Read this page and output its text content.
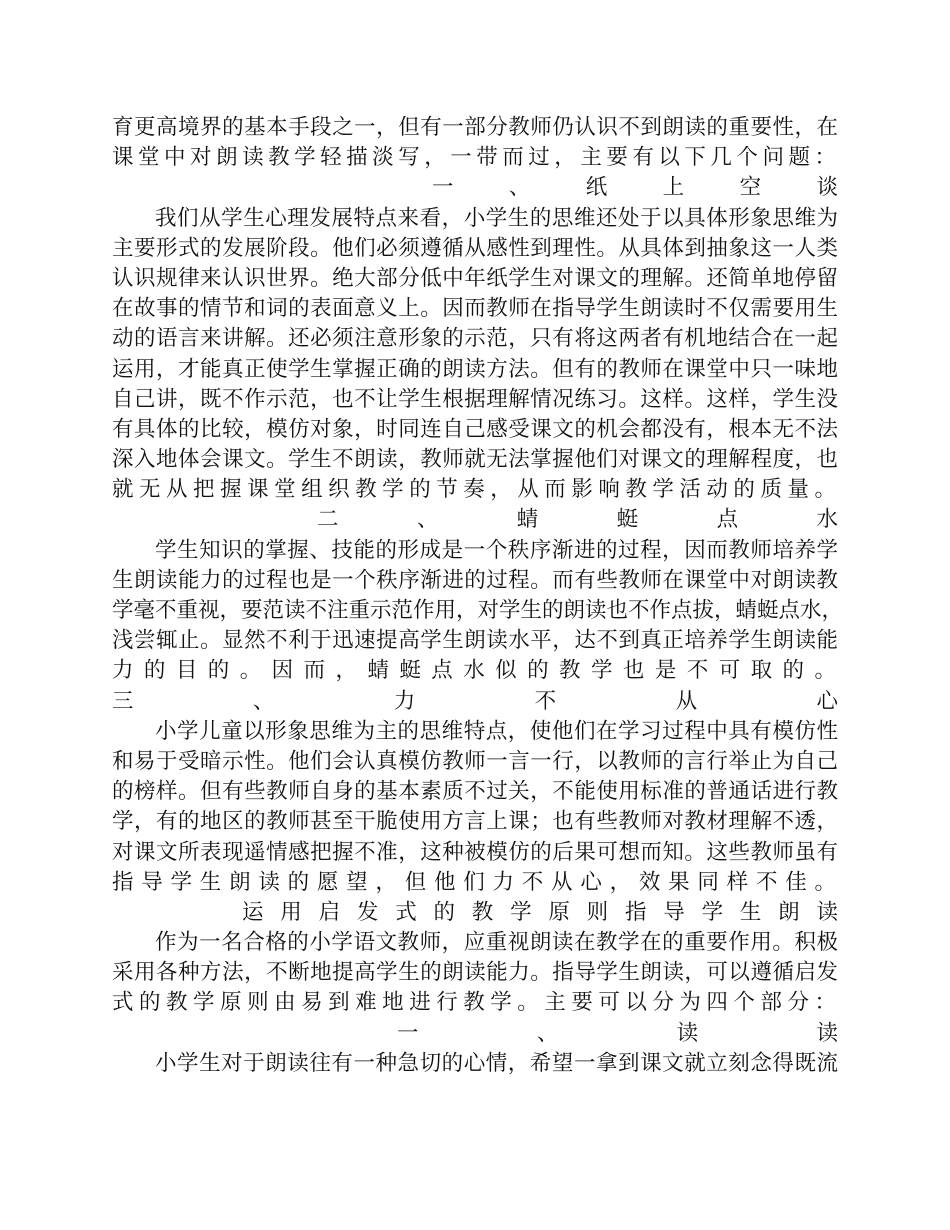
育更高境界的基本手段之一，但有一部分教师仍认识不到朗读的重要性，在
课堂中对朗读教学轻描淡写，一带而过，主要有以下几个问题：
一	、	纸	上	空	谈
我们从学生心理发展特点来看，小学生的思维还处于以具体形象思维为
主要形式的发展阶段。他们必须遵循从感性到理性。从具体到抽象这一人类
认识规律来认识世界。绝大部分低中年纸学生对课文的理解。还简单地停留
在故事的情节和词的表面意义上。因而教师在指导学生朗读时不仅需要用生
动的语言来讲解。还必须注意形象的示范，只有将这两者有机地结合在一起
运用，才能真正使学生掌握正确的朗读方法。但有的教师在课堂中只一味地
自己讲，既不作示范，也不让学生根据理解情况练习。这样。这样，学生没
有具体的比较，模仿对象，时同连自己感受课文的机会都没有，根本无不法
深入地体会课文。学生不朗读，教师就无法掌握他们对课文的理解程度，也
就无从把握课堂组织教学的节奏，从而影响教学活动的质量。
二	、	蜻	蜓	点	水
学生知识的掌握、技能的形成是一个秩序渐进的过程，因而教师培养学
生朗读能力的过程也是一个秩序渐进的过程。而有些教师在课堂中对朗读教
学毫不重视，要范读不注重示范作用，对学生的朗读也不作点拔，蜻蜓点水，
浅尝辄止。显然不利于迅速提高学生朗读水平，达不到真正培养学生朗读能
力的目的。因而，蜻蜓点水似的教学也是不可取的。
三	、	力	不	从	心
小学儿童以形象思维为主的思维特点，使他们在学习过程中具有模仿性
和易于受暗示性。他们会认真模仿教师一言一行，以教师的言行举止为自己
的榜样。但有些教师自身的基本素质不过关，不能使用标准的普通话进行教
学，有的地区的教师甚至干脆使用方言上课；也有些教师对教材理解不透，
对课文所表现遥情感把握不准，这种被模仿的后果可想而知。这些教师虽有
指导学生朗读的愿望，但他们力不从心，效果同样不佳。
运 用 启 发 式 的 教 学 原 则 指 导 学 生 朗 读
作为一名合格的小学语文教师，应重视朗读在教学在的重要作用。积极
采用各种方法，不断地提高学生的朗读能力。指导学生朗读，可以遵循启发
式的教学原则由易到难地进行教学。主要可以分为四个部分：
一	、	读	读
小学生对于朗读往有一种急切的心情，希望一拿到课文就立刻念得既流
